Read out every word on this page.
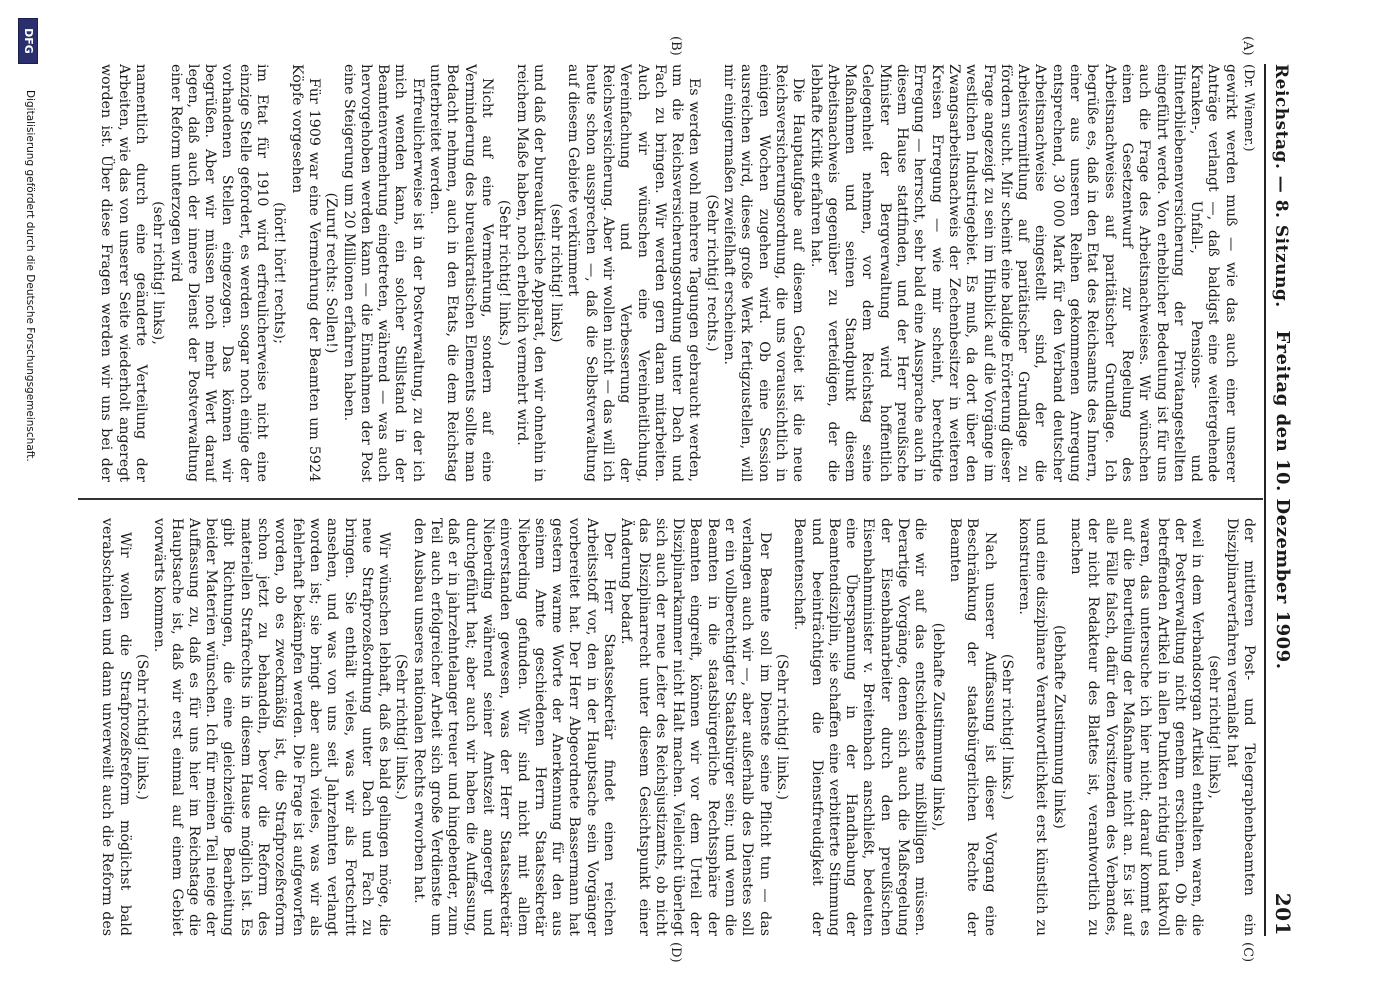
Reichstag. — 8. Sitzung.
Freitag den 10. Dezember 1909.
201
(A)
(B)
(C)
(D)

(Dr. Wiemer.)

gewirkt werden muß — wie das auch einer unserer Anträge verlangt —, daß baldigst eine weitergehende Kranken-, Unfall-, Pensions- und Hinterbliebenenversicherung der Privatangestellten eingeführt werde. Von erheblicher Bedeutung ist für uns auch die Frage des Arbeitsnachweises. Wir wünschen einen Gesetzentwurf zur Regelung des Arbeitsnachweises auf paritätischer Grundlage. Ich begrüße es, daß in den Etat des Reichsamts des Innern, einer aus unseren Reihen gekommenen Anregung entsprechend, 30 000 Mark für den Verband deutscher Arbeitsnachweise eingestellt sind, der die Arbeitsvermittlung auf paritätischer Grundlage zu fördern sucht. Mir scheint eine baldige Erörterung dieser Frage angezeigt zu sein im Hinblick auf die Vorgänge im westlichen Industriegebiet. Es muß, da dort über den Zwangsarbeitsnachweis der Zechenbesitzer in weiteren Kreisen Erregung — wie mir scheint, berechtigte Erregung — herrscht, sehr bald eine Aussprache auch in diesem Hause stattfinden, und der Herr preußische Minister der Bergverwaltung wird hoffentlich Gelegenheit nehmen, vor dem Reichstag seine Maßnahmen und seinen Standpunkt diesem Arbeitsnachweis gegenüber zu verteidigen, der die lebhafte Kritik erfahren hat.

Die Hauptaufgabe auf diesem Gebiet ist die neue Reichsversicherungsordnung, die uns voraussichtlich in einigen Wochen zugehen wird. Ob eine Session ausreichen wird, dieses große Werk fertigzustellen, will mir einigermaßen zweifelhaft erscheinen.

(Sehr richtig! rechts.)

Es werden wohl mehrere Tagungen gebraucht werden, um die Reichsversicherungsordnung unter Dach und Fach zu bringen. Wir werden gern daran mitarbeiten. Auch wir wünschen eine Vereinheitlichung, Vereinfachung und Verbesserung der Reichsversicherung. Aber wir wollen nicht — das will ich heute schon aussprechen —, daß die Selbstverwaltung auf diesem Gebiete verkümmert

(sehr richtig! links)

und daß der bureaukratische Apparat, den wir ohnehin in reichem Maße haben, noch erheblich vermehrt wird.

(Sehr richtig! links.)

Nicht auf eine Vermehrung, sondern auf eine Verminderung des bureaukratischen Elements sollte man Bedacht nehmen, auch in den Etats, die dem Reichstag unterbreitet werden.

Erfreulicherweise ist in der Postverwaltung, zu der ich mich wenden kann, ein solcher Stillstand in der Beamtenvermehrung eingetreten, während — was auch hervorgehoben werden kann — die Einnahmen der Post eine Steigerung um 20 Millionen erfahren haben.

(Zuruf rechts: Sollen!)

Für 1909 war eine Vermehrung der Beamten um 5924 Köpfe vorgesehen

(hört! hört! rechts);

im Etat für 1910 wird erfreulicherweise nicht eine einzige Stelle gefordert, es werden sogar noch einige der vorhandenen Stellen eingezogen. Das können wir begrüßen. Aber wir müssen noch mehr Wert darauf legen, daß auch der innere Dienst der Postverwaltung einer Reform unterzogen wird

(sehr richtig! links),

namentlich durch eine geänderte Verteilung der Arbeiten, wie das von unserer Seite wiederholt angeregt worden ist. Über diese Fragen werden wir uns bei der

der mittleren Post- und Telegraphenbeamten ein Disziplinarverfahren veranlaßt hat

(sehr richtig! links),

weil in dem Verbandsorgan Artikel enthalten waren, die der Postverwaltung nicht genehm erschienen. Ob die betreffenden Artikel in allen Punkten richtig und taktvoll waren, das untersuche ich hier nicht; darauf kommt es auf die Beurteilung der Maßnahme nicht an. Es ist auf alle Fälle falsch, dafür den Vorsitzenden des Verbandes, der nicht Redakteur des Blattes ist, verantwortlich zu machen

(lebhafte Zustimmung links)

und eine disziplinare Verantwortlichkeit erst künstlich zu konstruieren.

(Sehr richtig! links.)

Nach unserer Auffassung ist dieser Vorgang eine Beschränkung der staatsbürgerlichen Rechte der Beamten

(lebhafte Zustimmung links),

die wir auf das entschiedenste mißbilligen müssen. Derartige Vorgänge, denen sich auch die Maßregelung der Eisenbahnarbeiter durch den preußischen Eisenbahnminister v. Breitenbach anschließt, bedeuten eine Überspannung in der Handhabung der Beamtendisziplin, sie schaffen eine verbitterte Stimmung und beeinträchtigen die Dienstfreudigkeit der Beamtenschaft.

(Sehr richtig! links.)

Der Beamte soll im Dienste seine Pflicht tun — das verlangen auch wir —, aber außerhalb des Dienstes soll er ein vollberechtigter Staatsbürger sein; und wenn die Beamten in die staatsbürgerliche Rechtssphäre der Beamten eingreift, können wir vor dem Urteil der Disziplinarkammer nicht Halt machen. Vielleicht überlegt sich auch der neue Leiter des Reichsjustizamts, ob nicht das Disziplinarrecht unter diesem Gesichtspunkt einer Änderung bedarf.

Der Herr Staatssekretär findet einen reichen Arbeitsstoff vor, den in der Hauptsache sein Vorgänger vorbereitet hat. Der Herr Abgeordnete Bassermann hat gestern warme Worte der Anerkennung für den aus seinem Amte geschiedenen Herrn Staatssekretär Nieberding gefunden. Wir sind nicht mit allem einverstanden gewesen, was der Herr Staatssekretär Nieberding während seiner Amtszeit angeregt und durchgeführt hat; aber auch wir haben die Auffassung, daß er in jahrzehntelanger treuer und hingebender, zum Teil auch erfolgreicher Arbeit sich große Verdienste um den Ausbau unseres nationalen Rechts erworben hat.

(Sehr richtig! links.)

Wir wünschen lebhaft, daß es bald gelingen möge, die neue Strafprozeßordnung unter Dach und Fach zu bringen. Sie enthält vieles, was wir als Fortschritt ansehen, und was von uns seit Jahrzehnten verlangt worden ist; sie bringt aber auch vieles, was wir als fehlerhaft bekämpfen werden. Die Frage ist aufgeworfen worden, ob es zweckmäßig ist, die Strafprozeßreform schon jetzt zu behandeln, bevor die Reform des materiellen Strafrechts in diesem Hause möglich ist. Es gibt Richtungen, die eine gleichzeitige Bearbeitung beider Materien wünschen. Ich für meinen Teil neige der Auffassung zu, daß es für uns hier im Reichstage die Hauptsache ist, daß wir erst einmal auf einem Gebiet vorwärts kommen.

(Sehr richtig! links.)

Wir wollen die Strafprozeßreform möglichst bald verabschieden und dann unverweilt auch die Reform des

DFG
Digitalisierung gefördert durch die Deutsche Forschungsgemeinschaft.
